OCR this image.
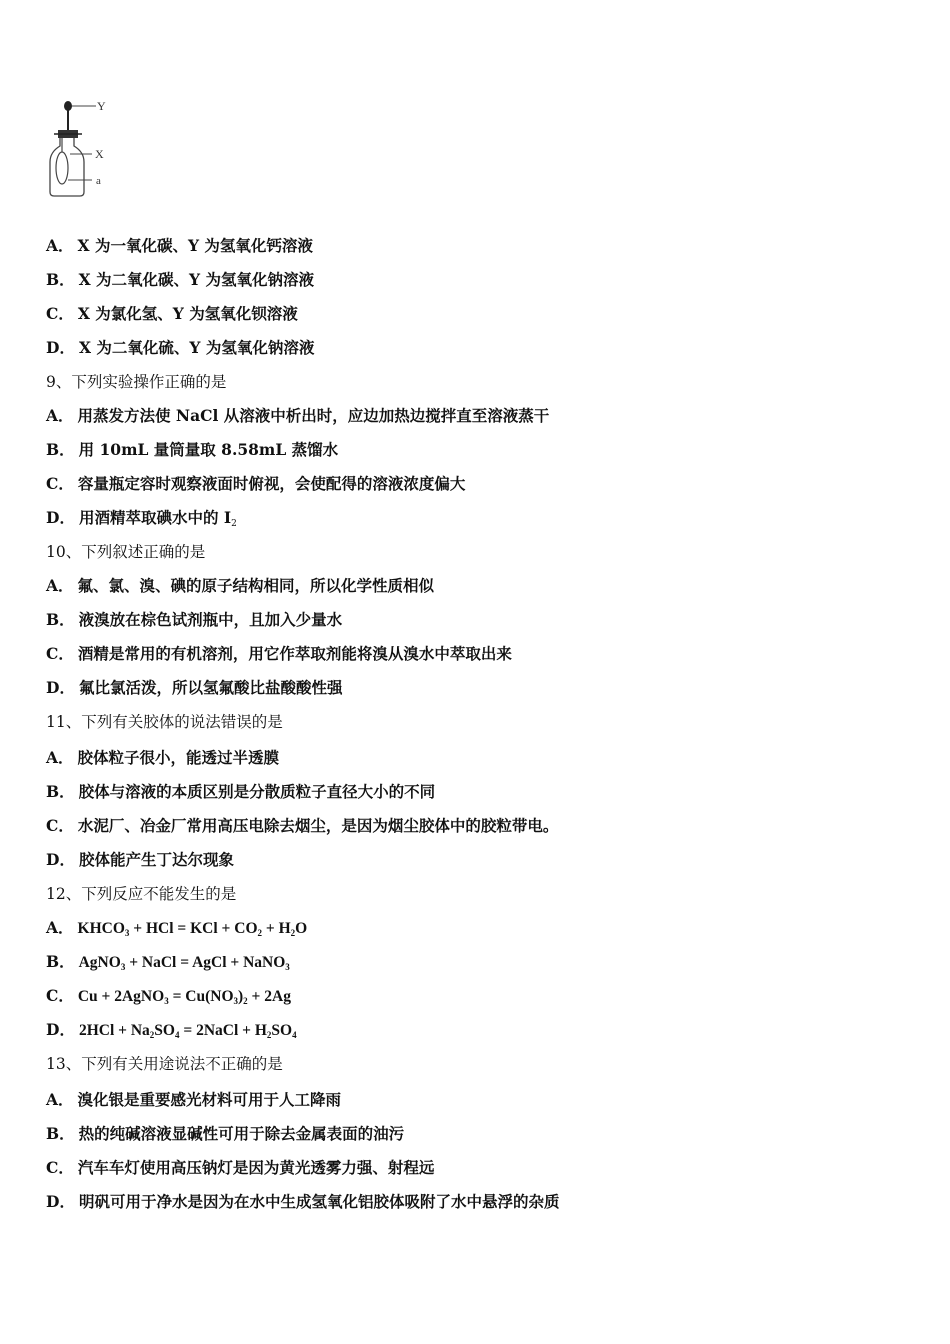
Y
X
a
A． X 为一氧化碳、Y 为氢氧化钙溶液
B． X 为二氧化碳、Y 为氢氧化钠溶液
C． X 为氯化氢、Y 为氢氧化钡溶液
D． X 为二氧化硫、Y 为氢氧化钠溶液
9、下列实验操作正确的是
A． 用蒸发方法使 NaCl 从溶液中析出时，应边加热边搅拌直至溶液蒸干
B． 用 10mL 量筒量取 8.58mL 蒸馏水
C． 容量瓶定容时观察液面时俯视，会使配得的溶液浓度偏大
D． 用酒精萃取碘水中的 $I_2$
10、下列叙述正确的是
A． 氟、氯、溴、碘的原子结构相同，所以化学性质相似
B． 液溴放在棕色试剂瓶中，且加入少量水
C． 酒精是常用的有机溶剂，用它作萃取剂能将溴从溴水中萃取出来
D． 氟比氯活泼，所以氢氟酸比盐酸酸性强
11、下列有关胶体的说法错误的是
A． 胶体粒子很小，能透过半透膜
B． 胶体与溶液的本质区别是分散质粒子直径大小的不同
C． 水泥厂、冶金厂常用高压电除去烟尘，是因为烟尘胶体中的胶粒带电。
D． 胶体能产生丁达尔现象
12、下列反应不能发生的是
A． $KHCO_3$ + HCl = KCl + $CO_2 + H_2O$
B． AgNO$_3$ + NaCl = AgCl + NaNO$_3$
C． Cu + 2AgNO$_3$ = $Cu(NO_3)_2 + 2Ag$
D． $2HCl + Na_2SO_4$ = 2NaCl + $H_2SO_4$
13、下列有关用途说法不正确的是
A． 溴化银是重要感光材料可用于人工降雨
B． 热的纯碱溶液显碱性可用于除去金属表面的油污
C． 汽车车灯使用高压钠灯是因为黄光透雾力强、射程远
D． 明矾可用于净水是因为在水中生成氢氧化铝胶体吸附了水中悬浮的杂质
